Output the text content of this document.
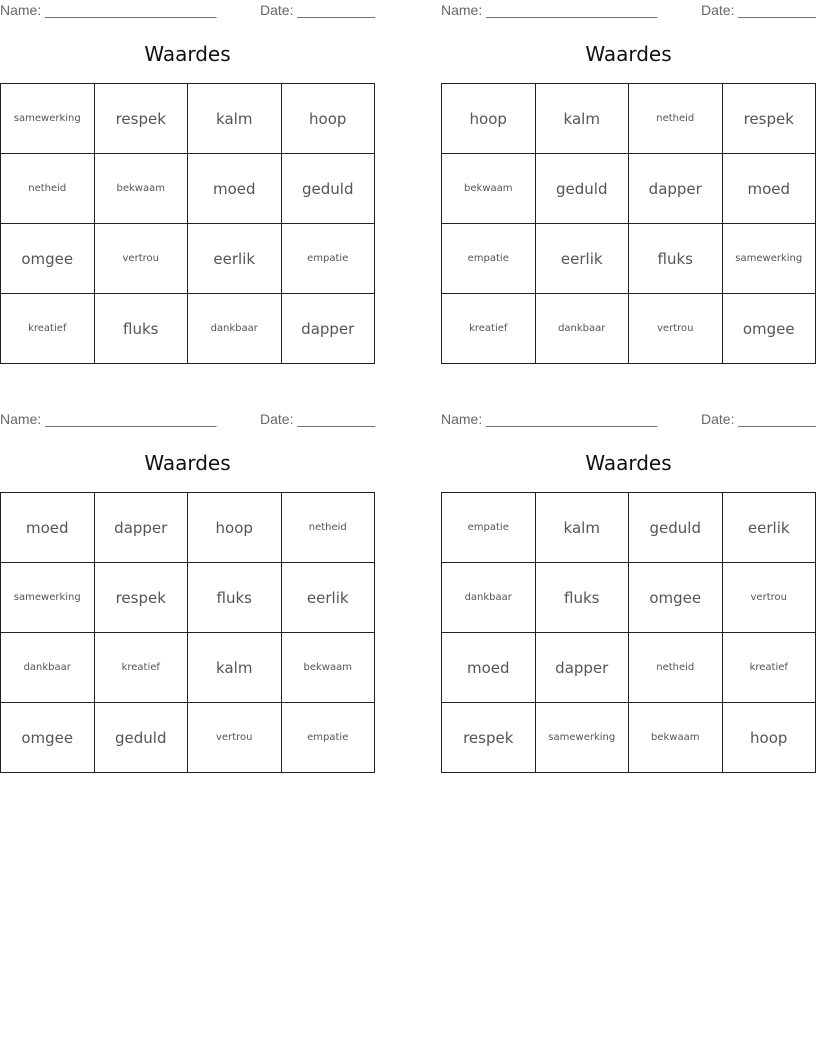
Name: ______________________	Date: __________
Waardes
samewerking	respek	kalm	hoop
netheid	bekwaam	moed	geduld
omgee	vertrou	eerlik	empatie
kreatief	fluks	dankbaar	dapper
Name: ______________________	Date: __________
Waardes
hoop	kalm	netheid	respek
bekwaam	geduld	dapper	moed
empatie	eerlik	fluks	samewerking
kreatief	dankbaar	vertrou	omgee
Name: ______________________	Date: __________
Waardes
moed	dapper	hoop	netheid
samewerking	respek	fluks	eerlik
dankbaar	kreatief	kalm	bekwaam
omgee	geduld	vertrou	empatie
Name: ______________________	Date: __________
Waardes
empatie	kalm	geduld	eerlik
dankbaar	fluks	omgee	vertrou
moed	dapper	netheid	kreatief
respek	samewerking	bekwaam	hoop
